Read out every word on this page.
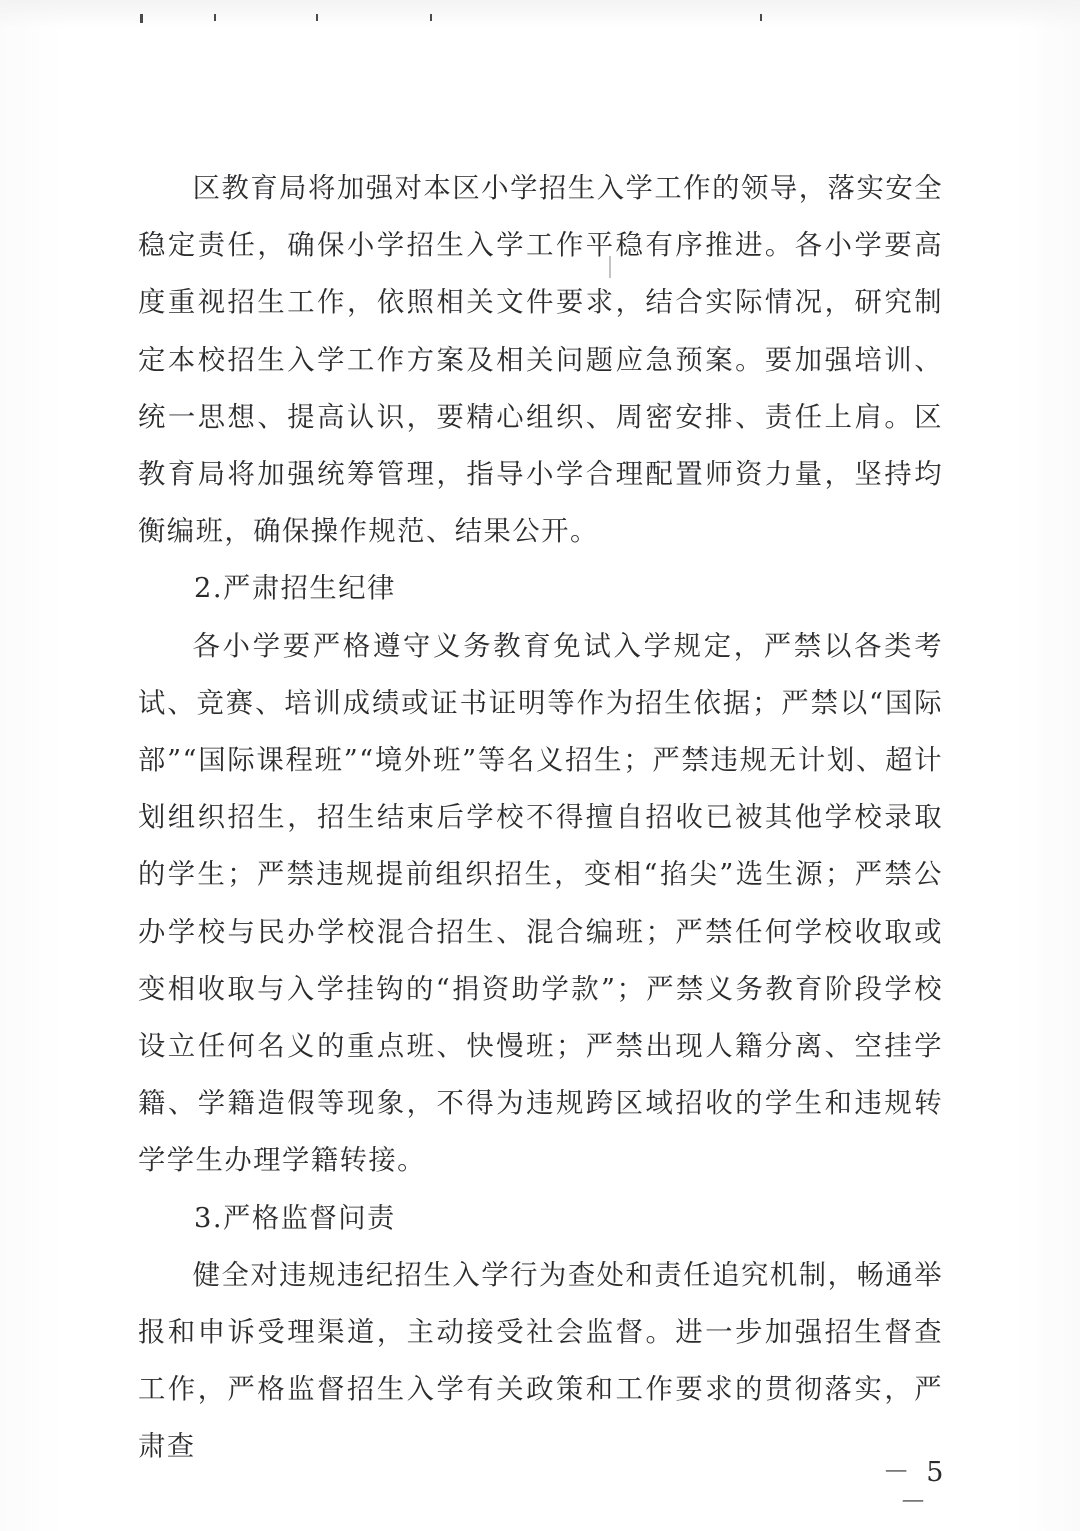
区教育局将加强对本区小学招生入学工作的领导，落实安全稳定责任，确保小学招生入学工作平稳有序推进。各小学要高度重视招生工作，依照相关文件要求，结合实际情况，研究制定本校招生入学工作方案及相关问题应急预案。要加强培训、统一思想、提高认识，要精心组织、周密安排、责任上肩。区教育局将加强统筹管理，指导小学合理配置师资力量，坚持均衡编班，确保操作规范、结果公开。

2.严肃招生纪律

各小学要严格遵守义务教育免试入学规定，严禁以各类考试、竞赛、培训成绩或证书证明等作为招生依据；严禁以“国际部”“国际课程班”“境外班”等名义招生；严禁违规无计划、超计划组织招生，招生结束后学校不得擅自招收已被其他学校录取的学生；严禁违规提前组织招生，变相“掐尖”选生源；严禁公办学校与民办学校混合招生、混合编班；严禁任何学校收取或变相收取与入学挂钩的“捐资助学款”；严禁义务教育阶段学校设立任何名义的重点班、快慢班；严禁出现人籍分离、空挂学籍、学籍造假等现象，不得为违规跨区域招收的学生和违规转学学生办理学籍转接。

3.严格监督问责

健全对违规违纪招生入学行为查处和责任追究机制，畅通举报和申诉受理渠道，主动接受社会监督。进一步加强招生督查工作，严格监督招生入学有关政策和工作要求的贯彻落实，严肃查

－ 5 －
